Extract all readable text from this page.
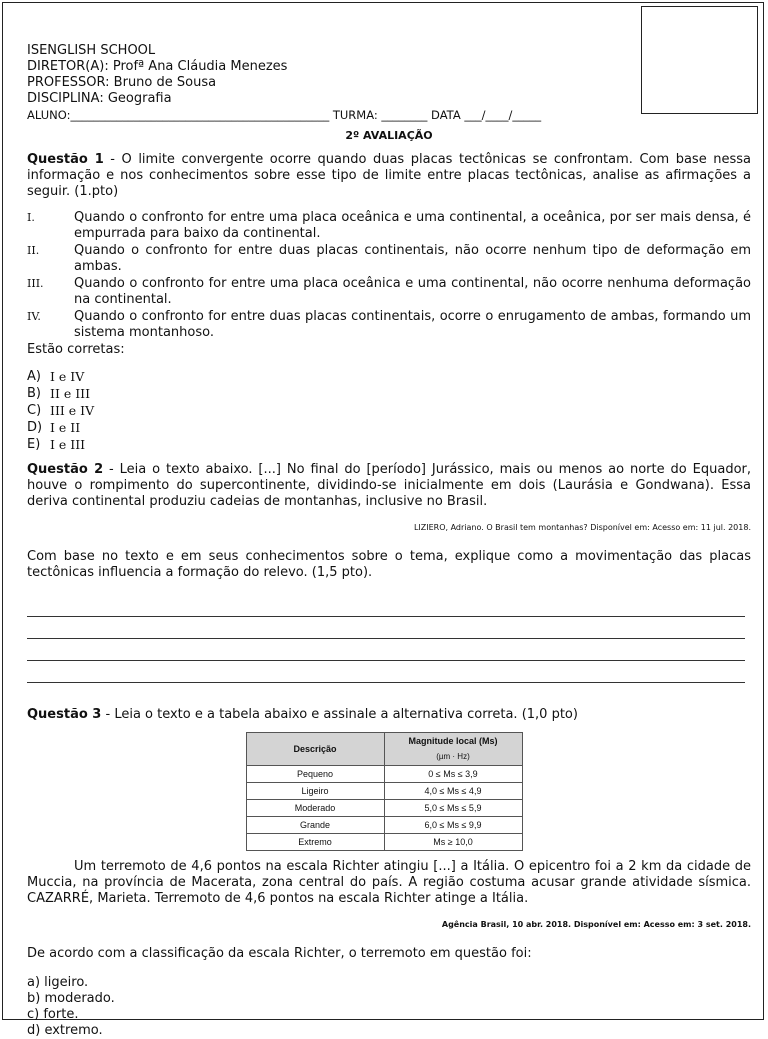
ISENGLISH SCHOOL
DIRETOR(A): Profª Ana Cláudia Menezes
PROFESSOR: Bruno de Sousa
DISCIPLINA: Geografia
ALUNO:_____________________________________________ TURMA: ________ DATA ___/____/_____
2º AVALIAÇÃO

Questão 1 - O limite convergente ocorre quando duas placas tectônicas se confrontam. Com base nessa informação e nos conhecimentos sobre esse tipo de limite entre placas tectônicas, analise as afirmações a seguir. (1.pto)

I.	Quando o confronto for entre uma placa oceânica e uma continental, a oceânica, por ser mais densa, é empurrada para baixo da continental.
II.	Quando o confronto for entre duas placas continentais, não ocorre nenhum tipo de deformação em ambas.
III.	Quando o confronto for entre uma placa oceânica e uma continental, não ocorre nenhuma deformação na continental.
IV.	Quando o confronto for entre duas placas continentais, ocorre o enrugamento de ambas, formando um sistema montanhoso.

Estão corretas:

A) I e IV
B) II e III
C) III e IV
D) I e II
E) I e III

Questão 2 - Leia o texto abaixo. [...] No final do [período] Jurássico, mais ou menos ao norte do Equador, houve o rompimento do supercontinente, dividindo-se inicialmente em dois (Laurásia e Gondwana). Essa deriva continental produziu cadeias de montanhas, inclusive no Brasil.

LIZIERO, Adriano. O Brasil tem montanhas? Disponível em: Acesso em: 11 jul. 2018.

Com base no texto e em seus conhecimentos sobre o tema, explique como a movimentação das placas tectônicas influencia a formação do relevo. (1,5 pto).

Questão 3 - Leia o texto e a tabela abaixo e assinale a alternativa correta. (1,0 pto)

Descrição	Magnitude local (Ms)
(µm · Hz)

Pequeno	0 ≤ Ms ≤ 3,9
Ligeiro	4,0 ≤ Ms ≤ 4,9
Moderado	5,0 ≤ Ms ≤ 5,9
Grande	6,0 ≤ Ms ≤ 9,9
Extremo	Ms ≥ 10,0

Um terremoto de 4,6 pontos na escala Richter atingiu [...] a Itália. O epicentro foi a 2 km da cidade de Muccia, na província de Macerata, zona central do país. A região costuma acusar grande atividade sísmica. CAZARRÉ, Marieta. Terremoto de 4,6 pontos na escala Richter atinge a Itália.

Agência Brasil, 10 abr. 2018. Disponível em: Acesso em: 3 set. 2018.

De acordo com a classificação da escala Richter, o terremoto em questão foi:

a) ligeiro.
b) moderado.
c) forte.
d) extremo.
